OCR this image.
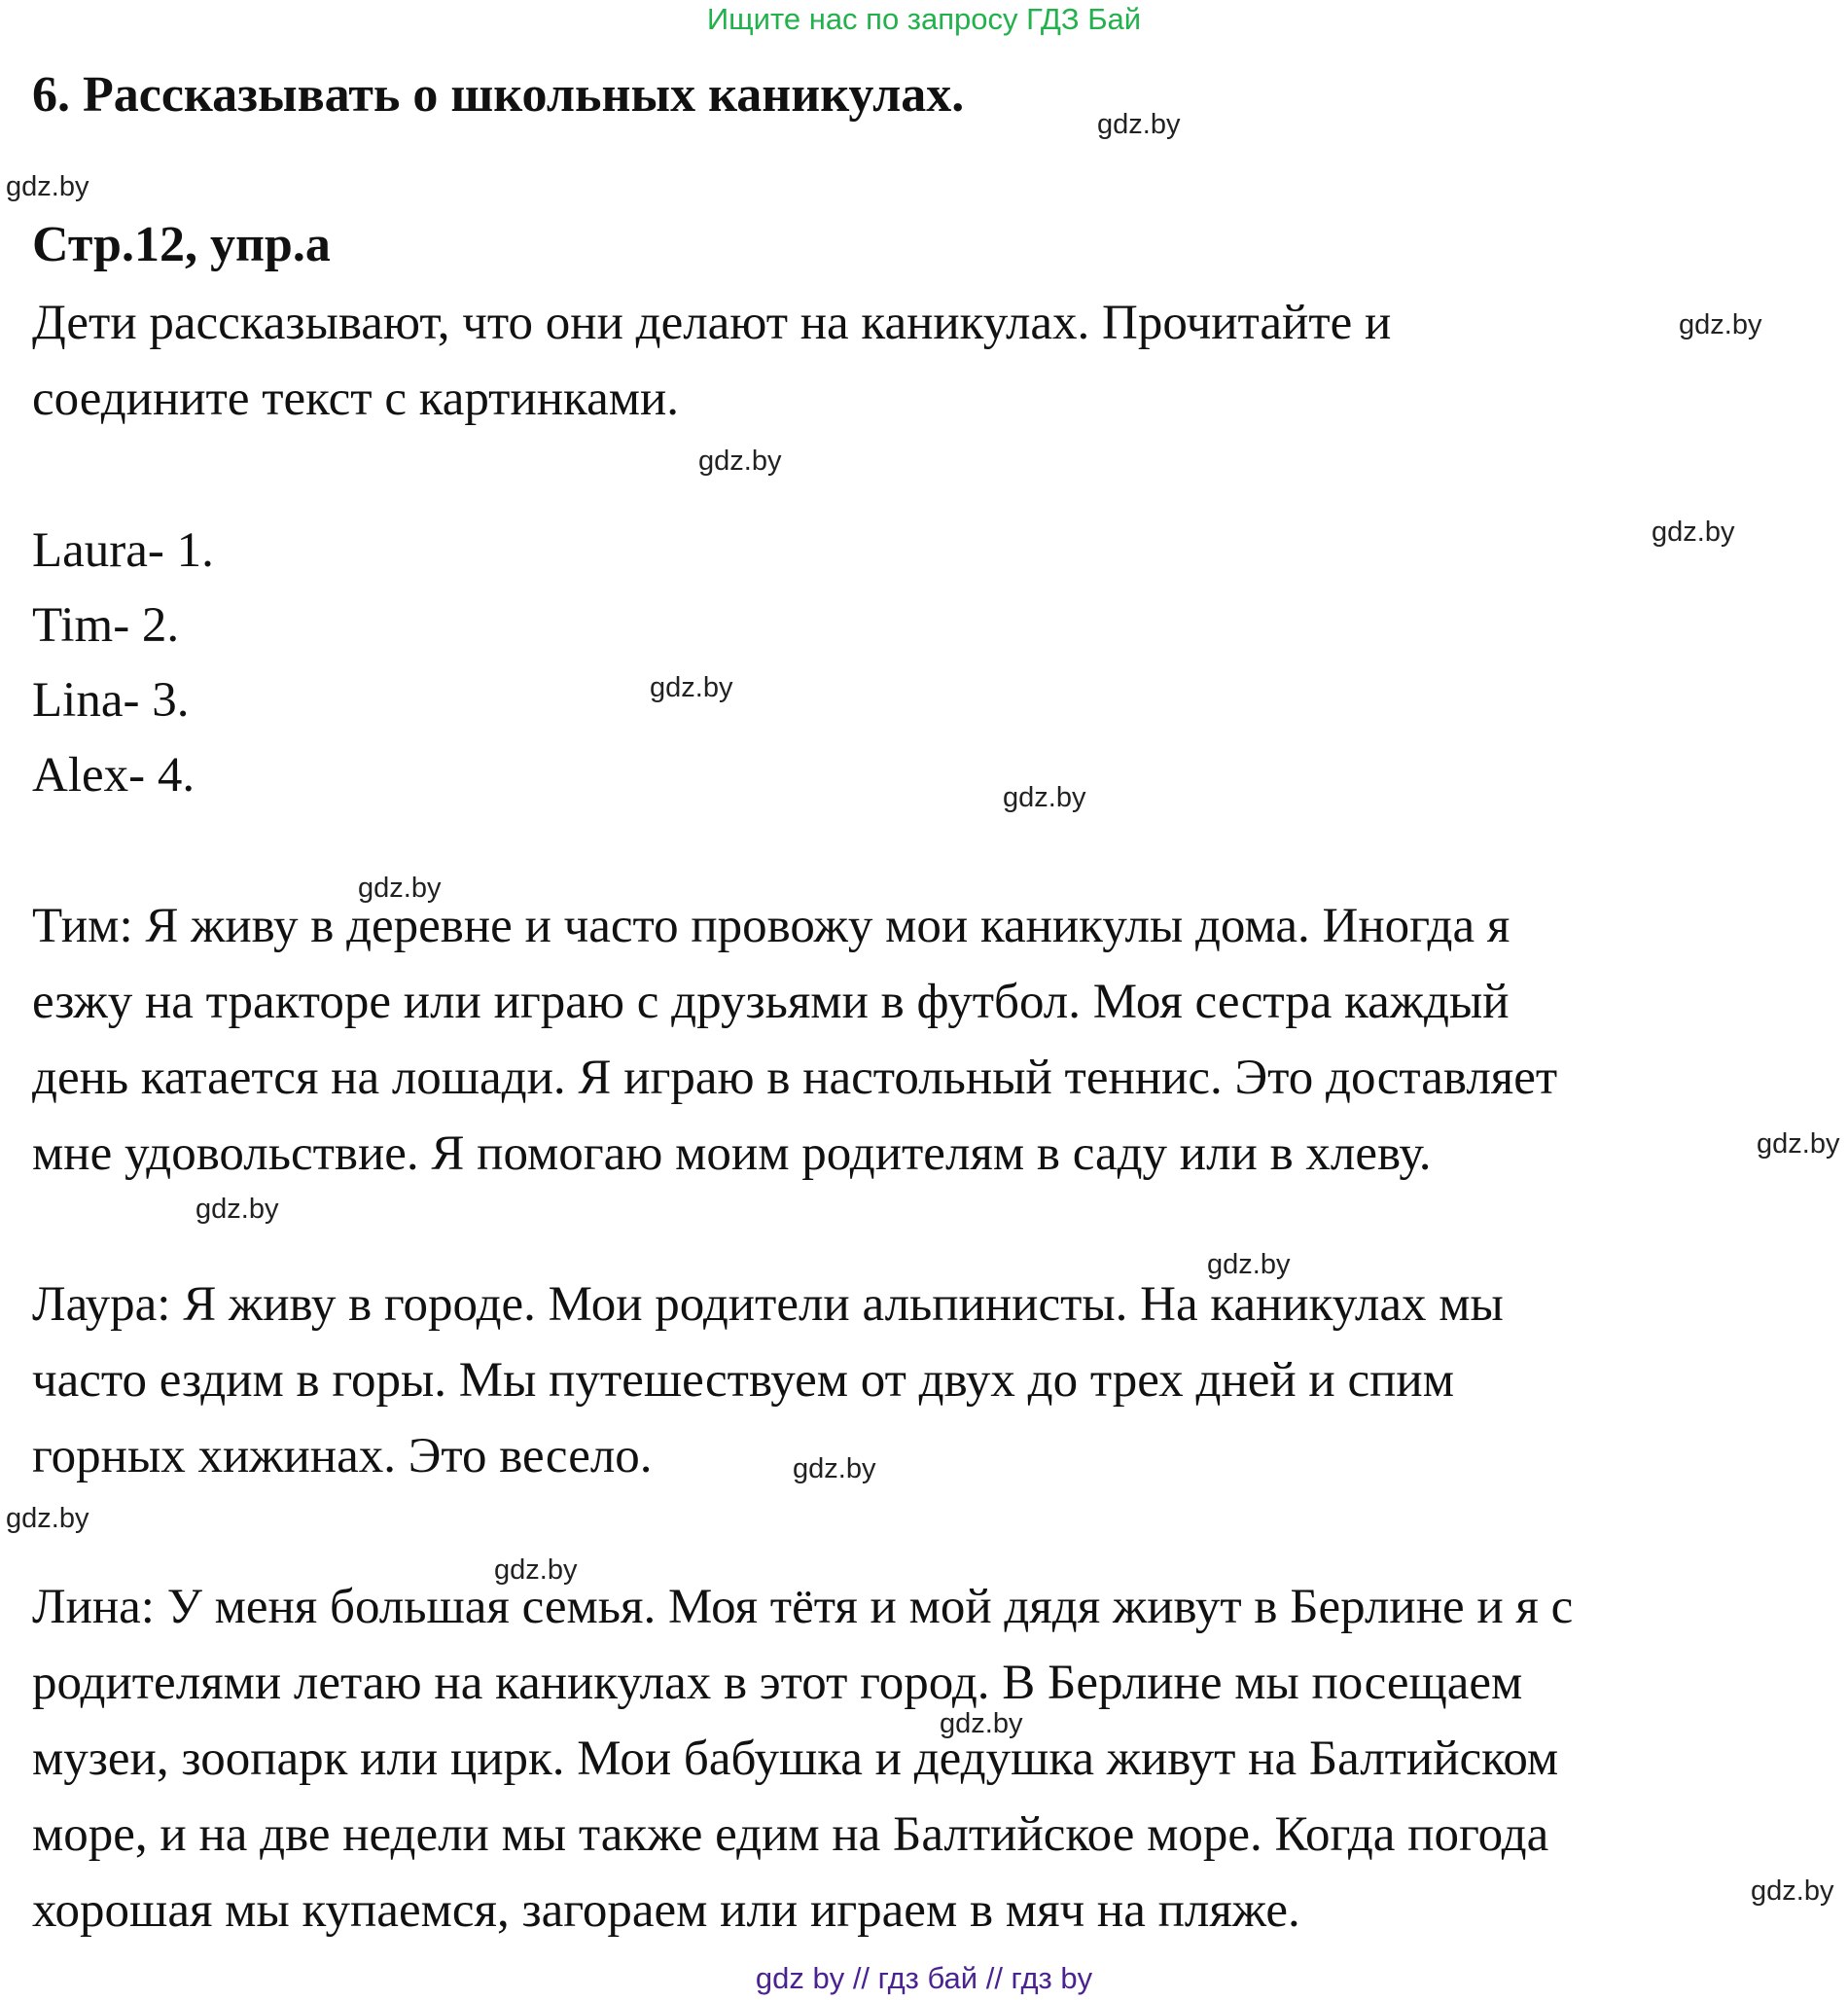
Ищите нас по запросу ГДЗ Бай
6. Рассказывать о школьных каникулах.
Стр.12, упр.а

Дети рассказывают, что они делают на каникулах. Прочитайте и

соедините текст с картинками.

Laura- 1.

Tim- 2.

Lina- 3.

Alex- 4.

Тим: Я живу в деревне и часто провожу мои каникулы дома. Иногда я
езжу на тракторе или играю с друзьями в футбол. Моя сестра каждый
день катается на лошади. Я играю в настольный теннис. Это доставляет
мне удовольствие. Я помогаю моим родителям в саду или в хлеву.

Лаура: Я живу в городе. Мои родители альпинисты. На каникулах мы
часто ездим в горы. Мы путешествуем от двух до трех дней и спим
горных хижинах. Это весело.

Лина: У меня большая семья. Моя тётя и мой дядя живут в Берлине и я с
родителями летаю на каникулах в этот город. В Берлине мы посещаем
музеи, зоопарк или цирк. Мои бабушка и дедушка живут на Балтийском
море, и на две недели мы также едим на Балтийское море. Когда погода
хорошая мы купаемся, загораем или играем в мяч на пляже.

gdz.by
gdz.by
gdz.by
gdz.by
gdz.by
gdz.by
gdz.by
gdz.by
gdz.by
gdz.by
gdz.by
gdz.by
gdz.by
gdz.by
gdz.by
gdz.by
gdz by // гдз бай // гдз by
